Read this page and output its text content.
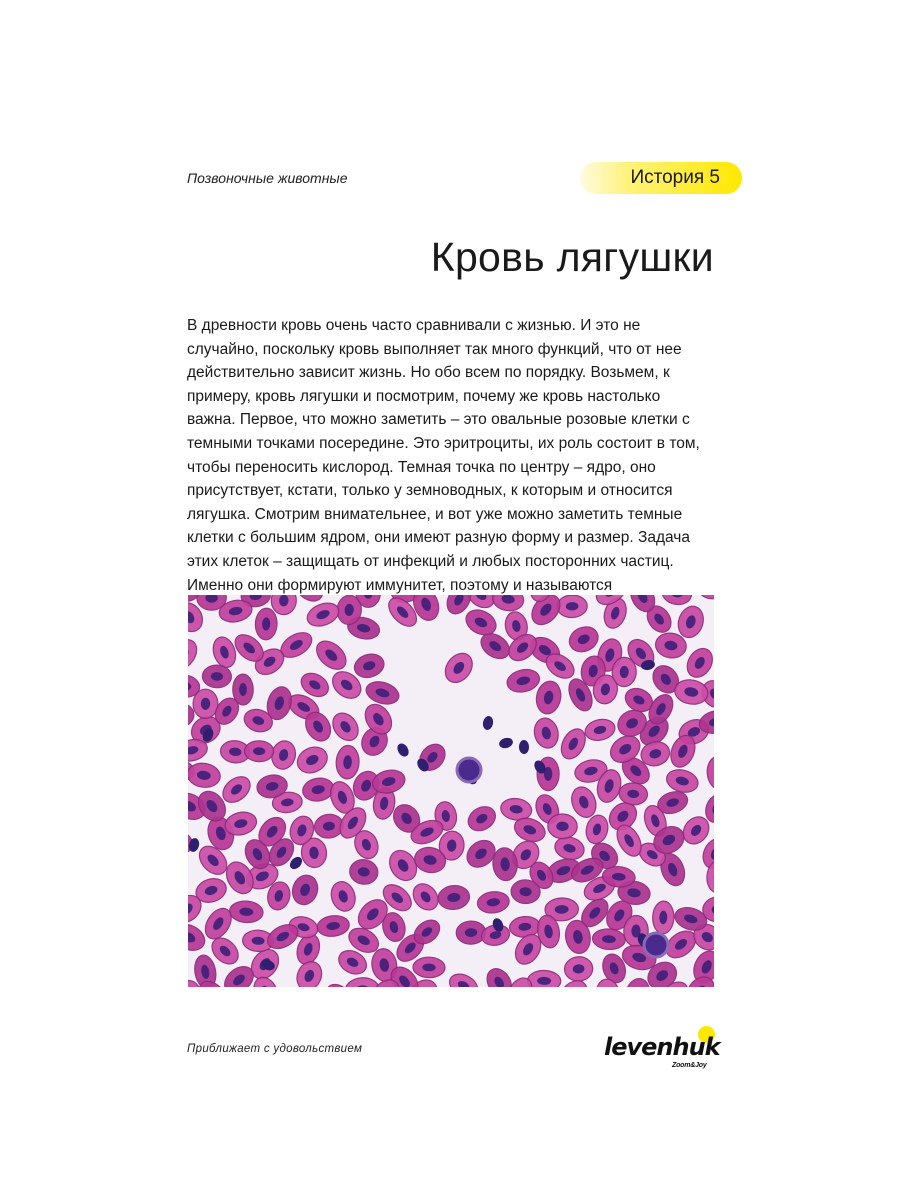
Позвоночные животные	История 5
Кровь лягушки
В древности кровь очень часто сравнивали с жизнью. И это не
случайно, поскольку кровь выполняет так много функций, что от нее
действительно зависит жизнь. Но обо всем по порядку. Возьмем, к
примеру, кровь лягушки и посмотрим, почему же кровь настолько
важна. Первое, что можно заметить – это овальные розовые клетки с
темными точками посередине. Это эритроциты, их роль состоит в том,
чтобы переносить кислород. Темная точка по центру – ядро, оно
присутствует, кстати, только у земноводных, к которым и относится
лягушка. Смотрим внимательнее, и вот уже можно заметить темные
клетки с большим ядром, они имеют разную форму и размер. Задача
этих клеток – защищать от инфекций и любых посторонних частиц.
Именно они формируют иммунитет, поэтому и называются
Приближает с удовольствием	levenhuk
Zoom&Joy
